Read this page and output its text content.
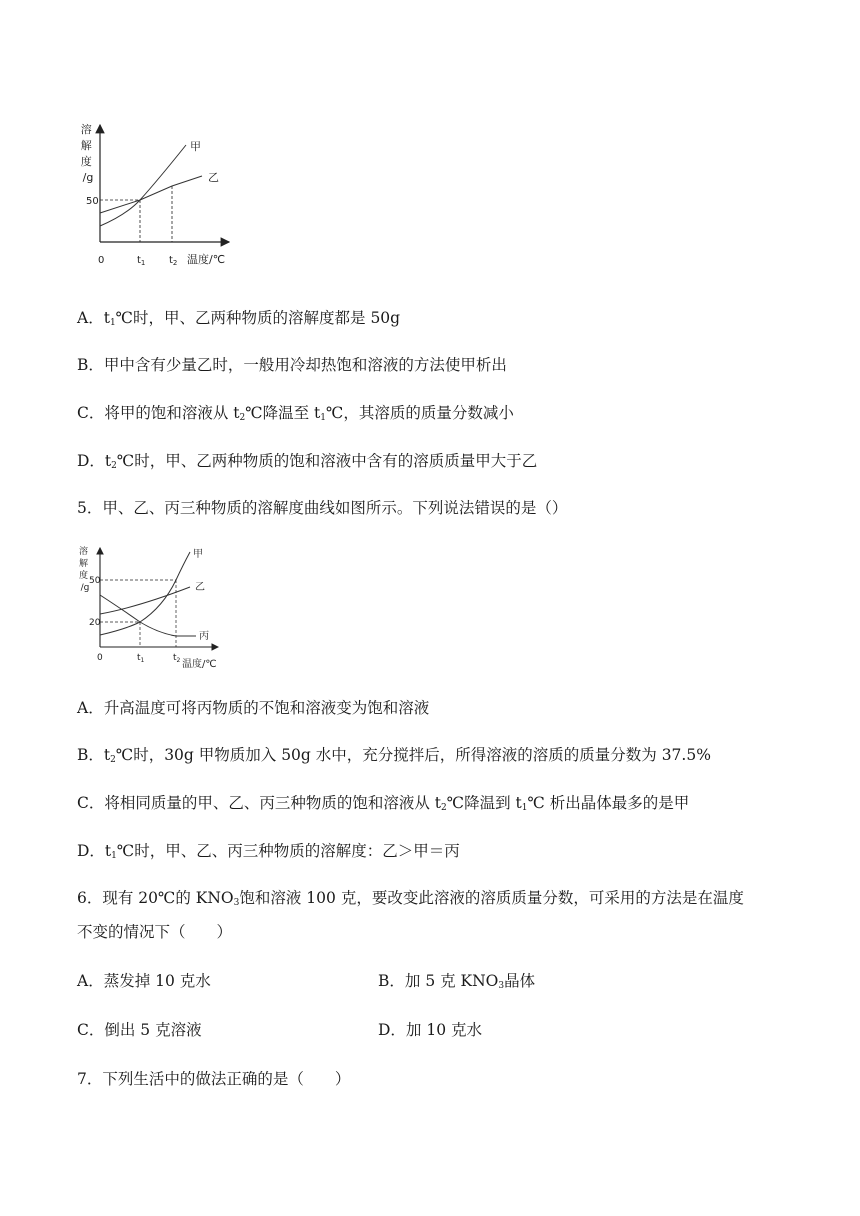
溶 解 度 /g
50
甲
乙
0	$t_1$ $t_2$ 温度/℃
A．$t_1℃$时，甲、乙两种物质的溶解度都是 50g
B．甲中含有少量乙时，一般用冷却热饱和溶液的方法使甲析出
C．将甲的饱和溶液从 $t_2℃$降温至 $t_1℃$，其溶质的质量分数减小
D．$t_2℃$时，甲、乙两种物质的饱和溶液中含有的溶质质量甲大于乙
5．甲、乙、丙三种物质的溶解度曲线如图所示。下列说法错误的是（）
溶 解 度 /g
50
20
甲
乙
丙
0	$t_1$	$t_2$ 温度/℃
A．升高温度可将丙物质的不饱和溶液变为饱和溶液
B．$t_2℃$时，30g 甲物质加入 50g 水中，充分搅拌后，所得溶液的溶质的质量分数为 37.5%
C．将相同质量的甲、乙、丙三种物质的饱和溶液从 $t_2℃$降温到 $t_1℃$ 析出晶体最多的是甲
D．$t_1℃$时，甲、乙、丙三种物质的溶解度：乙＞甲＝丙
6．现有 20℃的 $KNO_3$饱和溶液 100 克，要改变此溶液的溶质质量分数，可采用的方法是在温度
不变的情况下（　　）
A．蒸发掉 10 克水	B．加 5 克 $KNO_3$晶体
C．倒出 5 克溶液	D．加 10 克水
7．下列生活中的做法正确的是（　　）
